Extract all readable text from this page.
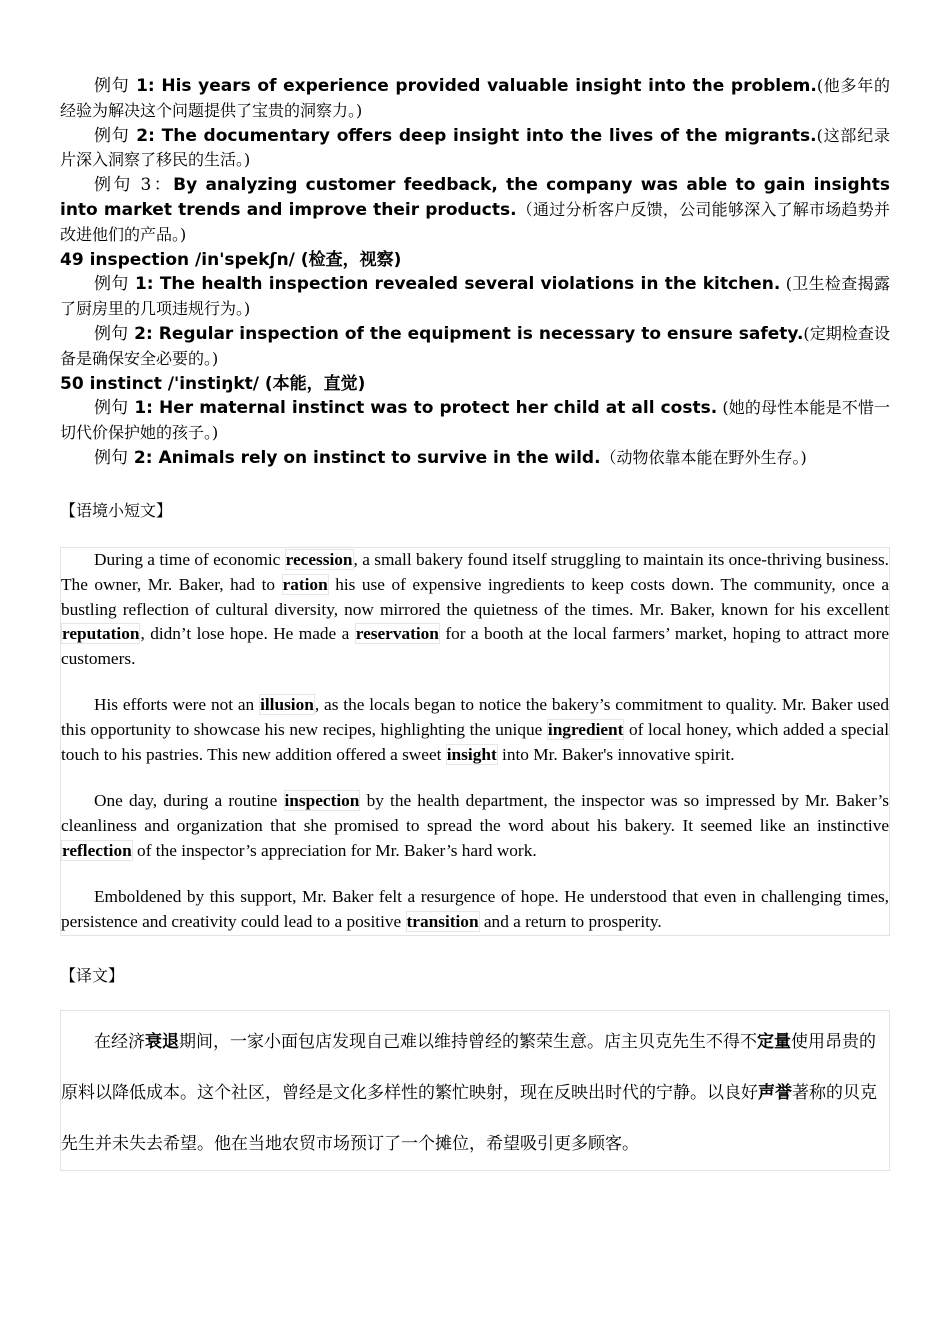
例句 1: His years of experience provided valuable insight into the problem.(他多年的经验为解决这个问题提供了宝贵的洞察力。)
例句 2: The documentary offers deep insight into the lives of the migrants.(这部纪录片深入洞察了移民的生活。)
例句 3：By analyzing customer feedback, the company was able to gain insights into market trends and improve their products.（通过分析客户反馈，公司能够深入了解市场趋势并改进他们的产品。)
49 inspection /in'spekʃn/ (检查，视察)
例句 1: The health inspection revealed several violations in the kitchen. (卫生检查揭露了厨房里的几项违规行为。)
例句 2: Regular inspection of the equipment is necessary to ensure safety.(定期检查设备是确保安全必要的。)
50 instinct /'instiŋkt/ (本能，直觉)
例句 1: Her maternal instinct was to protect her child at all costs. (她的母性本能是不惜一切代价保护她的孩子。)
例句 2: Animals rely on instinct to survive in the wild.（动物依靠本能在野外生存。)
【语境小短文】

During a time of economic recession, a small bakery found itself struggling to maintain its once-thriving business. The owner, Mr. Baker, had to ration his use of expensive ingredients to keep costs down. The community, once a bustling reflection of cultural diversity, now mirrored the quietness of the times. Mr. Baker, known for his excellent reputation, didn’t lose hope. He made a reservation for a booth at the local farmers’ market, hoping to attract more customers.

His efforts were not an illusion, as the locals began to notice the bakery’s commitment to quality. Mr. Baker used this opportunity to showcase his new recipes, highlighting the unique ingredient of local honey, which added a special touch to his pastries. This new addition offered a sweet insight into Mr. Baker's innovative spirit.

One day, during a routine inspection by the health department, the inspector was so impressed by Mr. Baker’s cleanliness and organization that she promised to spread the word about his bakery. It seemed like an instinctive reflection of the inspector’s appreciation for Mr. Baker’s hard work.

Emboldened by this support, Mr. Baker felt a resurgence of hope. He understood that even in challenging times, persistence and creativity could lead to a positive transition and a return to prosperity.

【译文】

在经济衰退期间，一家小面包店发现自己难以维持曾经的繁荣生意。店主贝克先生不得不定量使用昂贵的原料以降低成本。这个社区，曾经是文化多样性的繁忙映射，现在反映出时代的宁静。以良好声誉著称的贝克先生并未失去希望。他在当地农贸市场预订了一个摊位，希望吸引更多顾客。
